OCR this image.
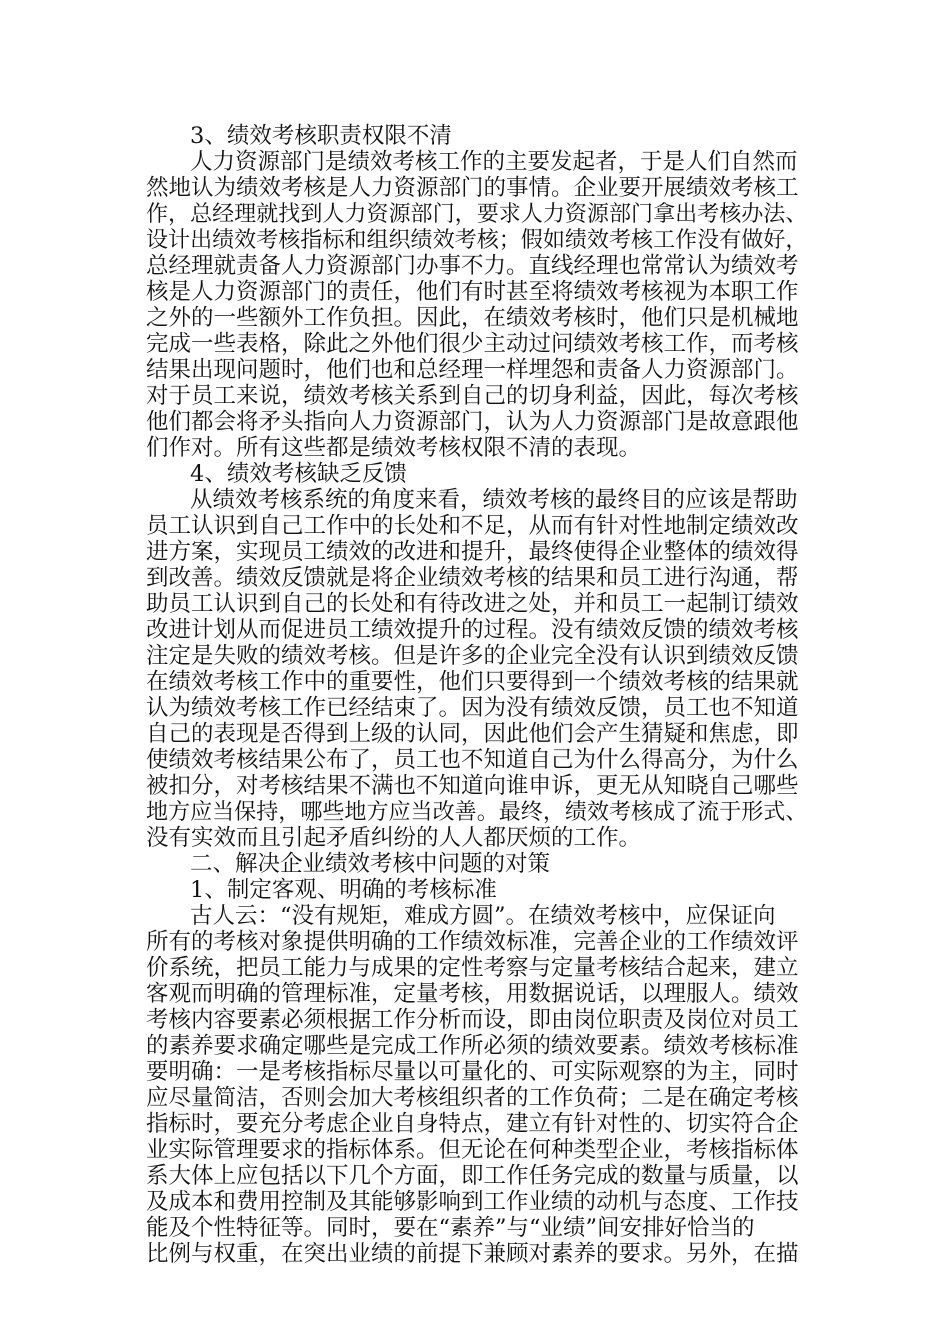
3、绩效考核职责权限不清

人力资源部门是绩效考核工作的主要发起者，于是人们自然而

然地认为绩效考核是人力资源部门的事情。企业要开展绩效考核工

作，总经理就找到人力资源部门，要求人力资源部门拿出考核办法、

设计出绩效考核指标和组织绩效考核；假如绩效考核工作没有做好，

总经理就责备人力资源部门办事不力。直线经理也常常认为绩效考

核是人力资源部门的责任，他们有时甚至将绩效考核视为本职工作

之外的一些额外工作负担。因此，在绩效考核时，他们只是机械地

完成一些表格，除此之外他们很少主动过问绩效考核工作，而考核

结果出现问题时，他们也和总经理一样埋怨和责备人力资源部门。

对于员工来说，绩效考核关系到自己的切身利益，因此，每次考核

他们都会将矛头指向人力资源部门，认为人力资源部门是故意跟他

们作对。所有这些都是绩效考核权限不清的表现。

4、绩效考核缺乏反馈

从绩效考核系统的角度来看，绩效考核的最终目的应该是帮助

员工认识到自己工作中的长处和不足，从而有针对性地制定绩效改

进方案，实现员工绩效的改进和提升，最终使得企业整体的绩效得

到改善。绩效反馈就是将企业绩效考核的结果和员工进行沟通，帮

助员工认识到自己的长处和有待改进之处，并和员工一起制订绩效

改进计划从而促进员工绩效提升的过程。没有绩效反馈的绩效考核

注定是失败的绩效考核。但是许多的企业完全没有认识到绩效反馈

在绩效考核工作中的重要性，他们只要得到一个绩效考核的结果就

认为绩效考核工作已经结束了。因为没有绩效反馈，员工也不知道

自己的表现是否得到上级的认同，因此他们会产生猜疑和焦虑，即

使绩效考核结果公布了，员工也不知道自己为什么得高分，为什么

被扣分，对考核结果不满也不知道向谁申诉，更无从知晓自己哪些

地方应当保持，哪些地方应当改善。最终，绩效考核成了流于形式、

没有实效而且引起矛盾纠纷的人人都厌烦的工作。

二、解决企业绩效考核中问题的对策

1、制定客观、明确的考核标准

古人云：“没有规矩，难成方圆”。在绩效考核中，应保证向

所有的考核对象提供明确的工作绩效标准，完善企业的工作绩效评

价系统，把员工能力与成果的定性考察与定量考核结合起来，建立

客观而明确的管理标准，定量考核，用数据说话，以理服人。绩效

考核内容要素必须根据工作分析而设，即由岗位职责及岗位对员工

的素养要求确定哪些是完成工作所必须的绩效要素。绩效考核标准

要明确：一是考核指标尽量以可量化的、可实际观察的为主，同时

应尽量简洁，否则会加大考核组织者的工作负荷；二是在确定考核

指标时，要充分考虑企业自身特点，建立有针对性的、切实符合企

业实际管理要求的指标体系。但无论在何种类型企业，考核指标体

系大体上应包括以下几个方面，即工作任务完成的数量与质量，以

及成本和费用控制及其能够影响到工作业绩的动机与态度、工作技

能及个性特征等。同时，要在“素养”与“业绩”间安排好恰当的

比例与权重，在突出业绩的前提下兼顾对素养的要求。另外，在描
